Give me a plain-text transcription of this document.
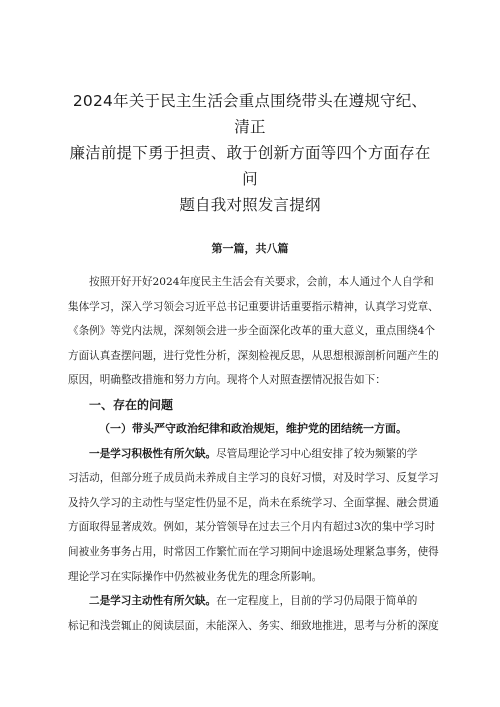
2024年关于民主生活会重点围绕带头在遵规守纪、清正
廉洁前提下勇于担责、敢于创新方面等四个方面存在问
题自我对照发言提纲

第一篇，共八篇

按照开好开好2024年度民主生活会有关要求，会前，本人通过个人自学和
集体学习，深入学习领会习近平总书记重要讲话重要指示精神，认真学习党章、
《条例》等党内法规，深刻领会进一步全面深化改革的重大意义，重点围绕4个
方面认真查摆问题，进行党性分析，深刻检视反思，从思想根源剖析问题产生的
原因，明确整改措施和努力方向。现将个人对照查摆情况报告如下：

一、存在的问题
（一）带头严守政治纪律和政治规矩，维护党的团结统一方面。

一是学习积极性有所欠缺。尽管局理论学习中心组安排了较为频繁的学
习活动，但部分班子成员尚未养成自主学习的良好习惯，对及时学习、反复学习
及持久学习的主动性与坚定性仍显不足，尚未在系统学习、全面掌握、融会贯通
方面取得显著成效。例如，某分管领导在过去三个月内有超过3次的集中学习时
间被业务事务占用，时常因工作繁忙而在学习期间中途退场处理紧急事务，使得
理论学习在实际操作中仍然被业务优先的理念所影响。

二是学习主动性有所欠缺。在一定程度上，目前的学习仍局限于简单的
标记和浅尝辄止的阅读层面，未能深入、务实、细致地推进，思考与分析的深度
